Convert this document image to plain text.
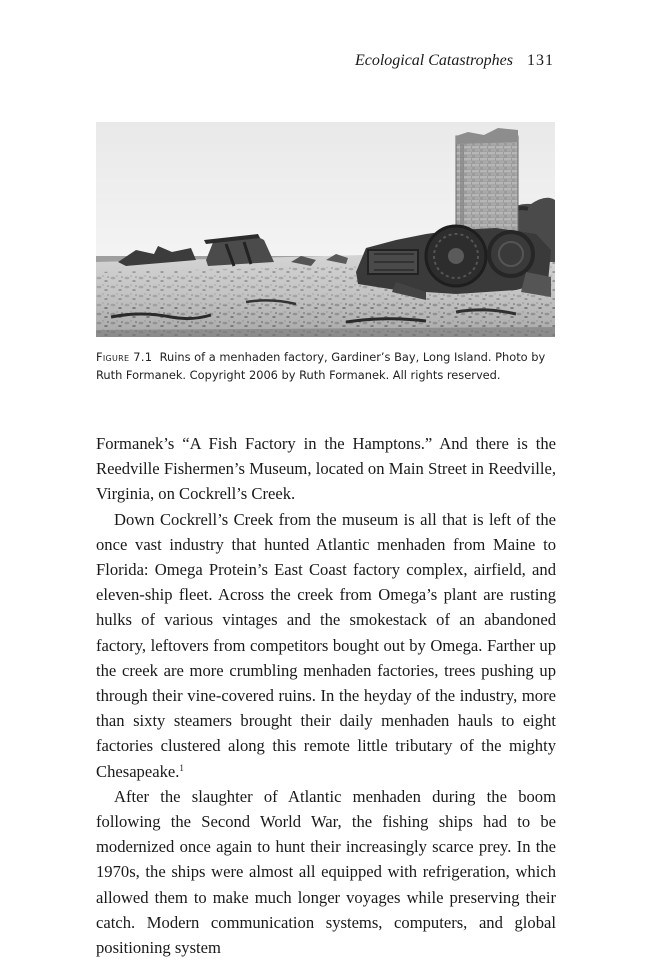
Ecological Catastrophes 131
Figure 7.1 Ruins of a menhaden factory, Gardiner’s Bay, Long Island. Photo by Ruth Formanek. Copyright 2006 by Ruth Formanek. All rights reserved.

Formanek’s “A Fish Factory in the Hamptons.” And there is the Reedville Fishermen’s Museum, located on Main Street in Reedville, Virginia, on Cockrell’s Creek.

Down Cockrell’s Creek from the museum is all that is left of the once vast industry that hunted Atlantic menhaden from Maine to Florida: Omega Protein’s East Coast factory complex, airfield, and eleven-ship fleet. Across the creek from Omega’s plant are rusting hulks of various vintages and the smokestack of an abandoned factory, leftovers from competitors bought out by Omega. Farther up the creek are more crumbling menhaden factories, trees pushing up through their vine-covered ruins. In the heyday of the industry, more than sixty steamers brought their daily menhaden hauls to eight factories clustered along this remote little tributary of the mighty Chesapeake.$^1$

After the slaughter of Atlantic menhaden during the boom following the Second World War, the fishing ships had to be modernized once again to hunt their increasingly scarce prey. In the 1970s, the ships were almost all equipped with refrigeration, which allowed them to make much longer voyages while preserving their catch. Modern communication systems, computers, and global positioning system
